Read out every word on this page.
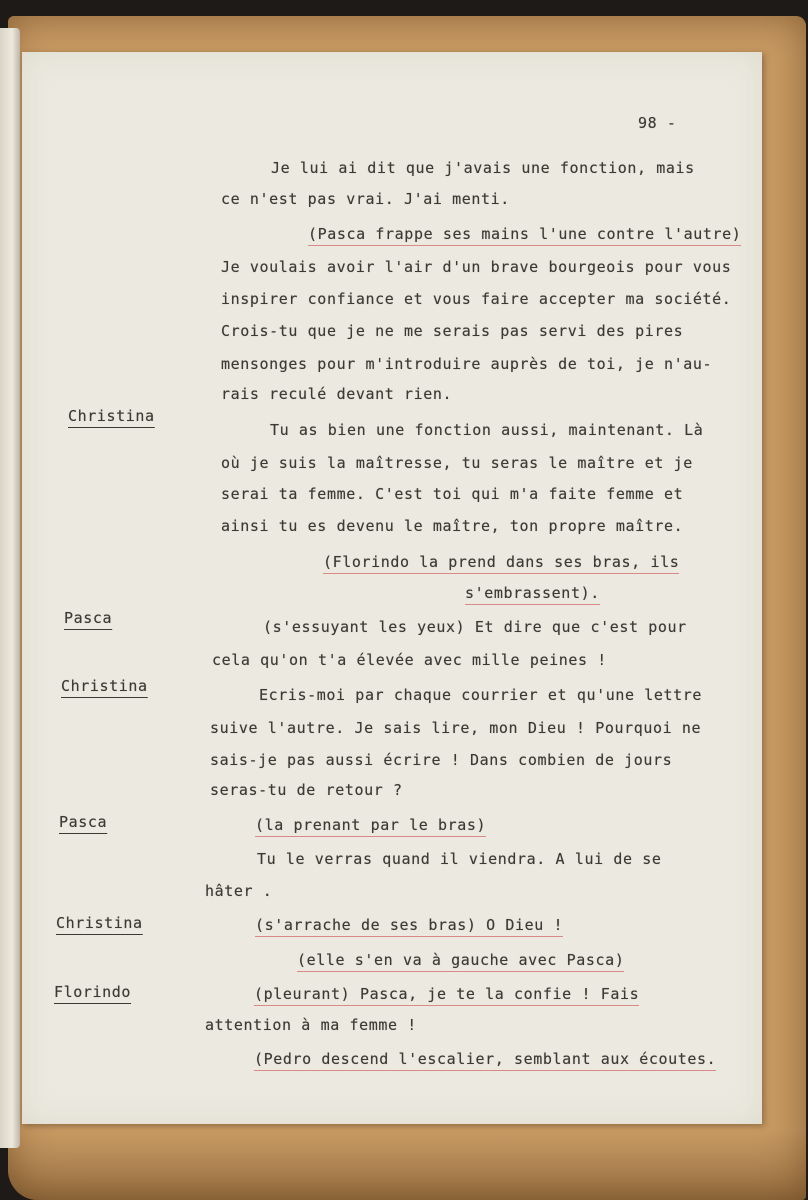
98 -
Je lui ai dit que j'avais une fonction, mais
ce n'est pas vrai. J'ai menti.
(Pasca frappe ses mains l'une contre l'autre)
Je voulais avoir l'air d'un brave bourgeois pour vous
inspirer confiance et vous faire accepter ma société.
Crois-tu que je ne me serais pas servi des pires
mensonges pour m'introduire auprès de toi, je n'au-
rais reculé devant rien.
Tu as bien une fonction aussi, maintenant. Là
où je suis la maîtresse, tu seras le maître et je
serai ta femme. C'est toi qui m'a faite femme et
ainsi tu es devenu le maître, ton propre maître.
(Florindo la prend dans ses bras, ils
s'embrassent).
(s'essuyant les yeux) Et dire que c'est pour
cela qu'on t'a élevée avec mille peines !
Ecris-moi par chaque courrier et qu'une lettre
suive l'autre. Je sais lire, mon Dieu ! Pourquoi ne
sais-je pas aussi écrire ! Dans combien de jours
seras-tu de retour ?
(la prenant par le bras)
Tu le verras quand il viendra. A lui de se
hâter .
(s'arrache de ses bras) O Dieu !
(elle s'en va à gauche avec Pasca)
(pleurant) Pasca, je te la confie ! Fais
attention à ma femme !
(Pedro descend l'escalier, semblant aux écoutes.
Christina
Pasca
Christina
Pasca
Christina
Florindo
